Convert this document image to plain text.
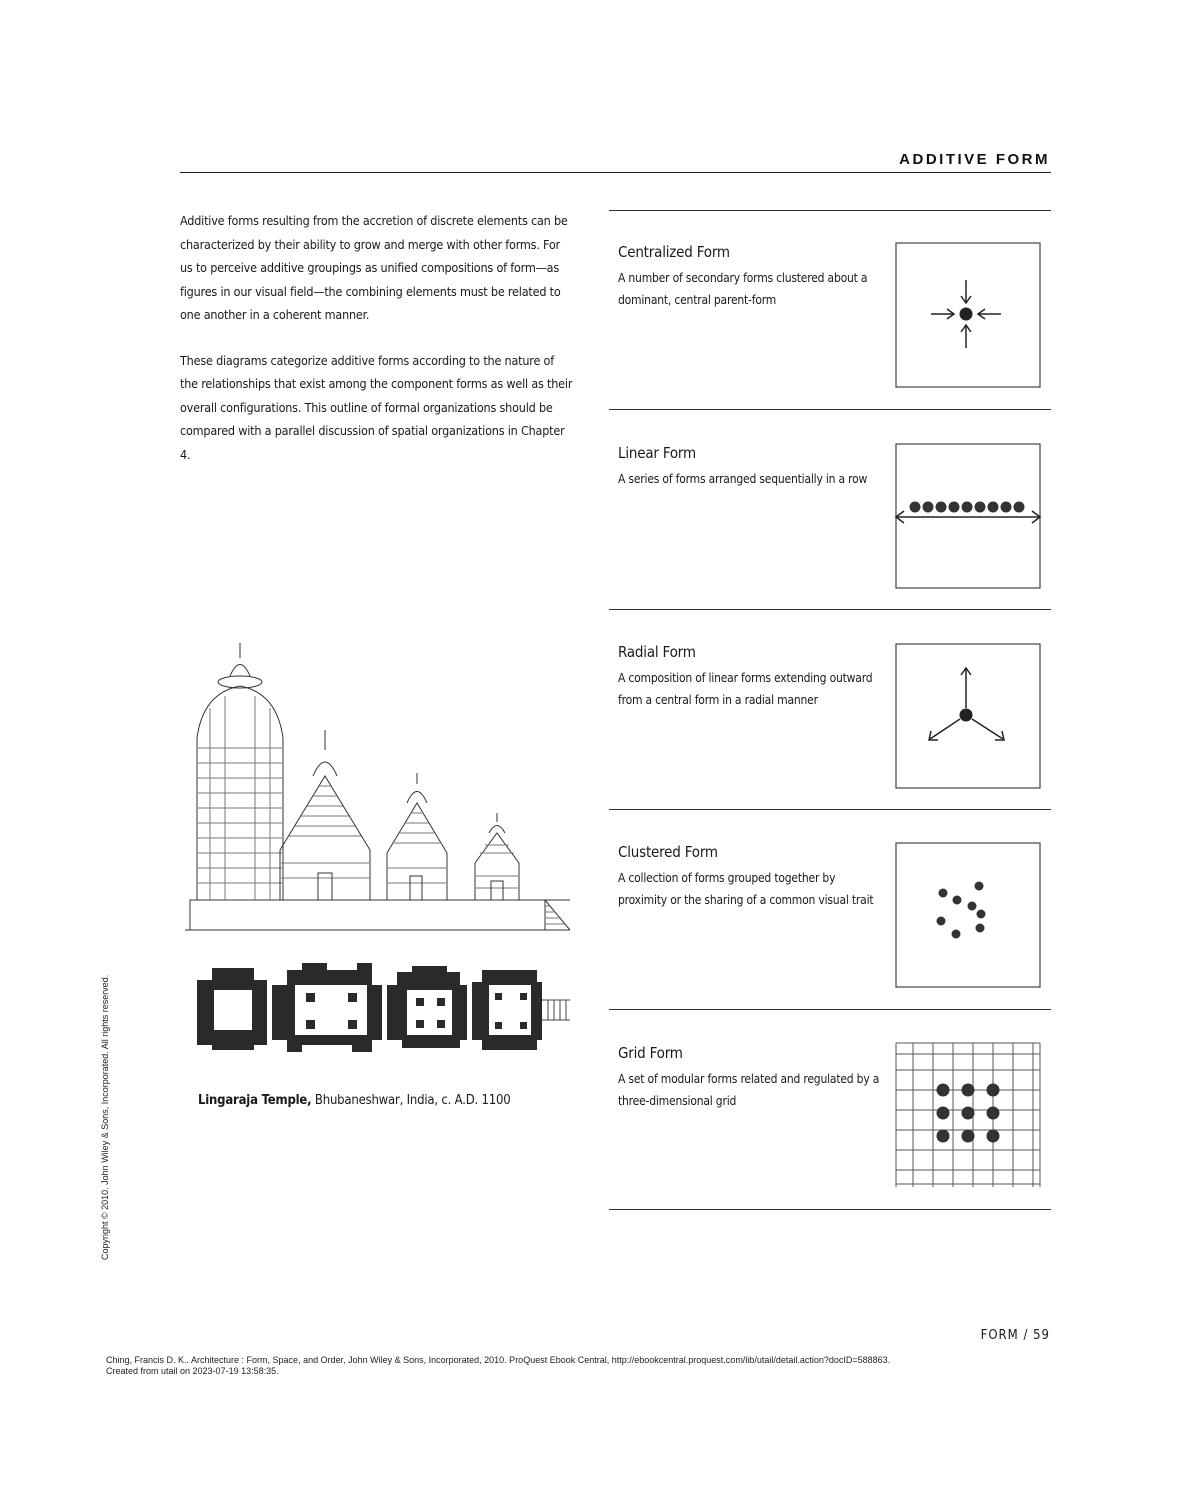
ADDITIVE FORM

Additive forms resulting from the accretion of discrete elements can be characterized by their ability to grow and merge with other forms. For us to perceive additive groupings as unified compositions of form—as figures in our visual field—the combining elements must be related to one another in a coherent manner.

These diagrams categorize additive forms according to the nature of the relationships that exist among the component forms as well as their overall configurations. This outline of formal organizations should be compared with a parallel discussion of spatial organizations in Chapter 4.

Centralized Form
A number of secondary forms clustered about a dominant, central parent-form
Linear Form
A series of forms arranged sequentially in a row
Radial Form
A composition of linear forms extending outward from a central form in a radial manner
Clustered Form
A collection of forms grouped together by proximity or the sharing of a common visual trait
Grid Form
A set of modular forms related and regulated by a three-dimensional grid
Lingaraja Temple, Bhubaneshwar, India, c. A.D. 1100
FORM / 59
Ching, Francis D. K.. Architecture : Form, Space, and Order, John Wiley & Sons, Incorporated, 2010. ProQuest Ebook Central, http://ebookcentral.proquest.com/lib/utail/detail.action?docID=588863.
Created from utail on 2023-07-19 13:58:35.
Copyright © 2010. John Wiley & Sons, Incorporated. All rights reserved.
